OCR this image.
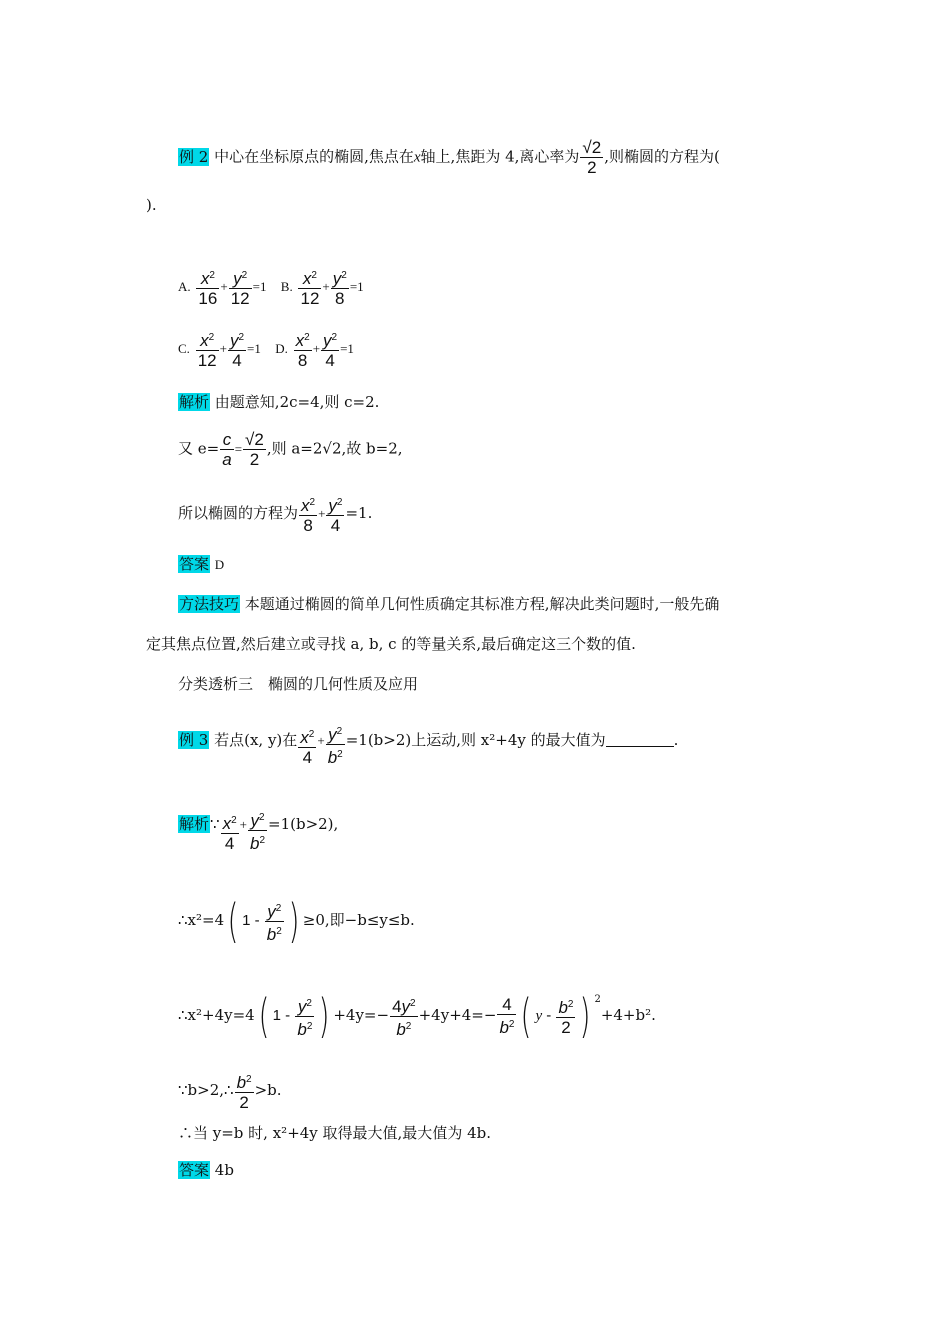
例 2 中心在坐标原点的椭圆,焦点在x轴上,焦距为 4,离心率为 $\frac{√2}{2}$ ,则椭圆的方程为(
).
A. $\frac{x^2}{16} + \frac{y^2}{12} =1$ B. $\frac{x^2}{12} + \frac{y^2}{8} =1$
C. $\frac{x^2}{12} + \frac{y^2}{4} =1$ D. $\frac{x^2}{8} + \frac{y^2}{4} =1$
解析 由题意知,2c=4,则 c=2.
又 $e= \frac{c}{a} = \frac{√2}{2}$ ,则 a=2√2,故 b=2,
所以椭圆的方程为 $\frac{x^2}{8} + \frac{y^2}{4} =1$.
答案 D
方法技巧 本题通过椭圆的简单几何性质确定其标准方程,解决此类问题时,一般先确
定其焦点位置,然后建立或寻找 a, b, c 的等量关系,最后确定这三个数的值.
分类透析三　椭圆的几何性质及应用
例 3 若点(x, y)在 $\frac{x^2}{4} + \frac{y^2}{b^2} =1(b>2)$上运动,则 x²+4y 的最大值为	.
解析∵ $\frac{x^2}{4} + \frac{y^2}{b^2} =1(b>2)$,
∴x²=4( $1 - \frac{y^2}{b^2}$ ) ≥0,即−b≤y≤b.
∴x²+4y=4( $1 - \frac{y^2}{b^2}$ ) $+4y=- \frac{4y^2}{b^2} +4y+4=- \frac{4}{b^2}$ ( y - $\frac{b^2}{2}$ ) $^2$+4+b².
∵b>2,∴ $\frac{b^2}{2} >b$.
∴当 y=b 时, x²+4y 取得最大值,最大值为 4b.
答案 4b
